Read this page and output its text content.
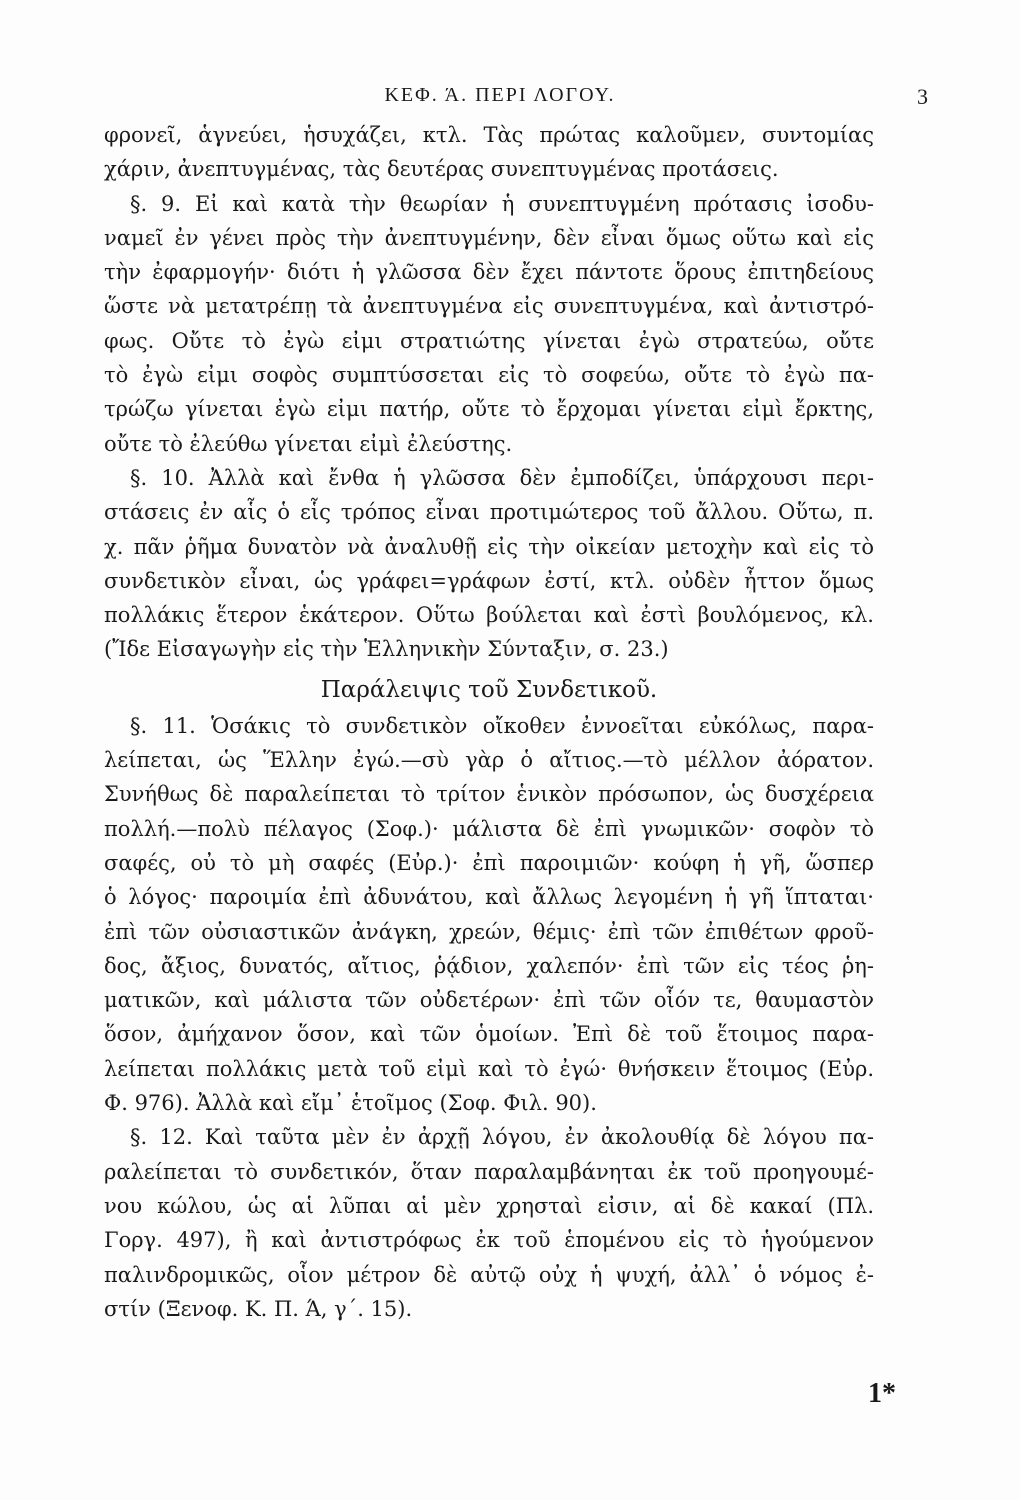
ΚΕΦ. Ά. ΠΕΡΙ ΛΟΓΟΥ.	3
φρονεῖ, ἁγνεύει, ἡσυχάζει, κτλ. Τὰς πρώτας καλοῦμεν, συντομίας
χάριν, ἀνεπτυγμένας, τὰς δευτέρας συνεπτυγμένας προτάσεις.
§. 9. Εἰ καὶ κατὰ τὴν θεωρίαν ἡ συνεπτυγμένη πρότασις ἰσοδυ-
ναμεῖ ἐν γένει πρὸς τὴν ἀνεπτυγμένην, δὲν εἶναι ὅμως οὕτω καὶ εἰς
τὴν ἐφαρμογήν· διότι ἡ γλῶσσα δὲν ἔχει πάντοτε ὅρους ἐπιτηδείους
ὥστε νὰ μετατρέπῃ τὰ ἀνεπτυγμένα εἰς συνεπτυγμένα, καὶ ἀντιστρό-
φως. Οὔτε τὸ ἐγὼ εἰμι στρατιώτης γίνεται ἐγὼ στρατεύω, οὔτε
τὸ ἐγὼ εἰμι σοφὸς συμπτύσσεται εἰς τὸ σοφεύω, οὔτε τὸ ἐγὼ πα-
τρώζω γίνεται ἐγὼ εἰμι πατήρ, οὔτε τὸ ἔρχομαι γίνεται εἰμὶ ἔρκτης,
οὔτε τὸ ἐλεύθω γίνεται εἰμὶ ἐλεύστης.
§. 10. Ἀλλὰ καὶ ἔνθα ἡ γλῶσσα δὲν ἐμποδίζει, ὑπάρχουσι περι-
στάσεις ἐν αἷς ὁ εἷς τρόπος εἶναι προτιμώτερος τοῦ ἄλλου. Οὕτω, π.
χ. πᾶν ῥῆμα δυνατὸν νὰ ἀναλυθῇ εἰς τὴν οἰκείαν μετοχὴν καὶ εἰς τὸ
συνδετικὸν εἶναι, ὡς γράφει=γράφων ἐστί, κτλ. οὐδὲν ἧττον ὅμως
πολλάκις ἕτερον ἑκάτερον. Οὕτω βούλεται καὶ ἐστὶ βουλόμενος, κλ.
(Ἴδε Εἰσαγωγὴν εἰς τὴν Ἑλληνικὴν Σύνταξιν, σ. 23.)
Παράλειψις τοῦ Συνδετικοῦ.
§. 11. Ὁσάκις τὸ συνδετικὸν οἴκοθεν ἐννοεῖται εὐκόλως, παρα-
λείπεται, ὡς Ἕλλην ἐγώ.—σὺ γὰρ ὁ αἴτιος.—τὸ μέλλον ἀόρατον.
Συνήθως δὲ παραλείπεται τὸ τρίτον ἑνικὸν πρόσωπον, ὡς δυσχέρεια
πολλή.—πολὺ πέλαγος (Σοφ.)· μάλιστα δὲ ἐπὶ γνωμικῶν· σοφὸν τὸ
σαφές, οὐ τὸ μὴ σαφές (Εὐρ.)· ἐπὶ παροιμιῶν· κούφη ἡ γῆ, ὥσπερ
ὁ λόγος· παροιμία ἐπὶ ἀδυνάτου, καὶ ἄλλως λεγομένη ἡ γῆ ἵπταται·
ἐπὶ τῶν οὐσιαστικῶν ἀνάγκη, χρεών, θέμις· ἐπὶ τῶν ἐπιθέτων φροῦ-
δος, ἄξιος, δυνατός, αἴτιος, ῥᾴδιον, χαλεπόν· ἐπὶ τῶν εἰς τέος ῥη-
ματικῶν, καὶ μάλιστα τῶν οὐδετέρων· ἐπὶ τῶν οἷόν τε, θαυμαστὸν
ὅσον, ἀμήχανον ὅσον, καὶ τῶν ὁμοίων. Ἐπὶ δὲ τοῦ ἕτοιμος παρα-
λείπεται πολλάκις μετὰ τοῦ εἰμὶ καὶ τὸ ἐγώ· θνήσκειν ἕτοιμος (Εὐρ.
Φ. 976). Ἀλλὰ καὶ εἴμ᾽ ἑτοῖμος (Σοφ. Φιλ. 90).
§. 12. Καὶ ταῦτα μὲν ἐν ἀρχῇ λόγου, ἐν ἀκολουθίᾳ δὲ λόγου πα-
ραλείπεται τὸ συνδετικόν, ὅταν παραλαμβάνηται ἐκ τοῦ προηγουμέ-
νου κώλου, ὡς αἱ λῦπαι αἱ μὲν χρησταὶ εἰσιν, αἱ δὲ κακαί (Πλ.
Γοργ. 497), ἢ καὶ ἀντιστρόφως ἐκ τοῦ ἑπομένου εἰς τὸ ἡγούμενον
παλινδρομικῶς, οἷον μέτρον δὲ αὐτῷ οὐχ ἡ ψυχή, ἀλλ᾽ ὁ νόμος ἐ-
στίν (Ξενοφ. Κ. Π. Ά, γ΄. 15).
1*
